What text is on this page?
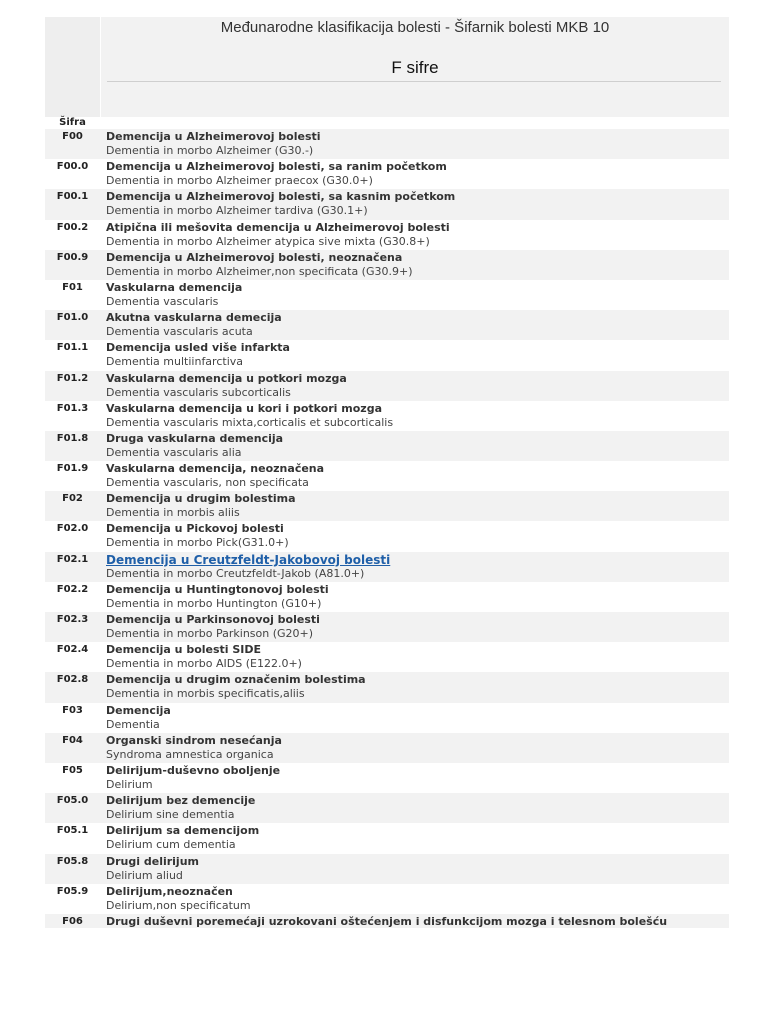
Međunarodne klasifikacija bolesti - Šifarnik bolesti MKB 10
F sifre
Šifra
F00	Demencija u Alzheimerovoj bolesti
Dementia in morbo Alzheimer (G30.-)
F00.0	Demencija u Alzheimerovoj bolesti, sa ranim početkom
Dementia in morbo Alzheimer praecox (G30.0+)
F00.1	Demencija u Alzheimerovoj bolesti, sa kasnim početkom
Dementia in morbo Alzheimer tardiva (G30.1+)
F00.2	Atipična ili mešovita demencija u Alzheimerovoj bolesti
Dementia in morbo Alzheimer atypica sive mixta (G30.8+)
F00.9	Demencija u Alzheimerovoj bolesti, neoznačena
Dementia in morbo Alzheimer,non specificata (G30.9+)
F01	Vaskularna demencija
Dementia vascularis
F01.0	Akutna vaskularna demecija
Dementia vascularis acuta
F01.1	Demencija usled više infarkta
Dementia multiinfarctiva
F01.2	Vaskularna demencija u potkori mozga
Dementia vascularis subcorticalis
F01.3	Vaskularna demencija u kori i potkori mozga
Dementia vascularis mixta,corticalis et subcorticalis
F01.8	Druga vaskularna demencija
Dementia vascularis alia
F01.9	Vaskularna demencija, neoznačena
Dementia vascularis, non specificata
F02	Demencija u drugim bolestima
Dementia in morbis aliis
F02.0	Demencija u Pickovoj bolesti
Dementia in morbo Pick(G31.0+)
F02.1	Demencija u Creutzfeldt-Jakobovoj bolesti
Dementia in morbo Creutzfeldt-Jakob (A81.0+)
F02.2	Demencija u Huntingtonovoj bolesti
Dementia in morbo Huntington (G10+)
F02.3	Demencija u Parkinsonovoj bolesti
Dementia in morbo Parkinson (G20+)
F02.4	Demencija u bolesti SIDE
Dementia in morbo AIDS (E122.0+)
F02.8	Demencija u drugim označenim bolestima
Dementia in morbis specificatis,aliis
F03	Demencija
Dementia
F04	Organski sindrom nesećanja
Syndroma amnestica organica
F05	Delirijum-duševno oboljenje
Delirium
F05.0	Delirijum bez demencije
Delirium sine dementia
F05.1	Delirijum sa demencijom
Delirium cum dementia
F05.8	Drugi delirijum
Delirium aliud
F05.9	Delirijum,neoznačen
Delirium,non specificatum
F06	Drugi duševni poremećaji uzrokovani oštećenjem i disfunkcijom mozga i telesnom bolešću
